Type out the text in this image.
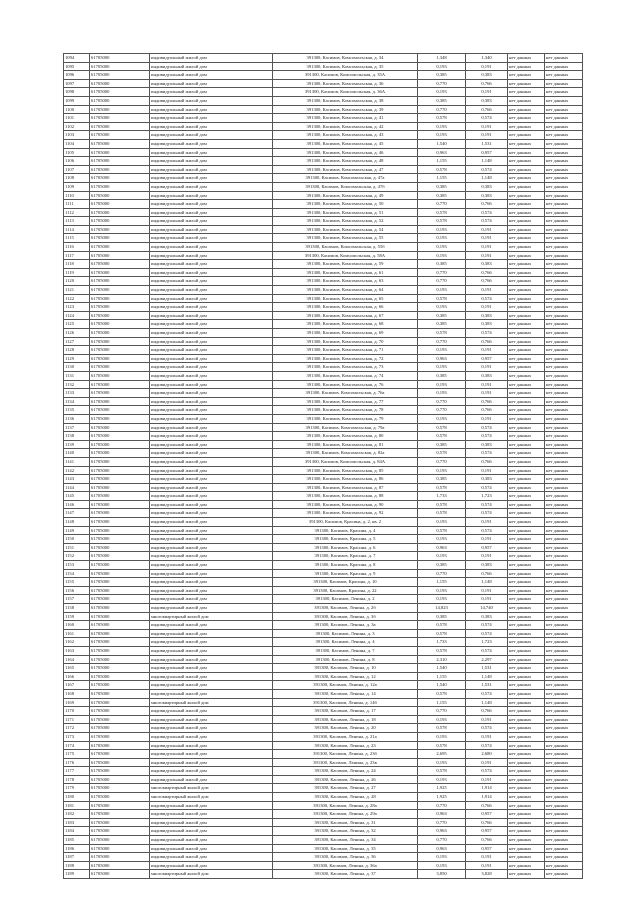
1094	61705000	индивидуальный жилой дом	391300, Касимов, Комсомольская, д. 34	1,348	1,340	нет данных	нет данных
1095	61705000	индивидуальный жилой дом	391300, Касимов, Комсомольская, д. 35	0,193	0,191	нет данных	нет данных
1096	61705000	индивидуальный жилой дом	391300, Касимов, Комсомольская, д. 35А	0,385	0,383	нет данных	нет данных
1097	61705000	индивидуальный жилой дом	391300, Касимов, Комсомольская, д. 36	0,770	0,766	нет данных	нет данных
1098	61705000	индивидуальный жилой дом	391300, Касимов, Комсомольская, д. 36А	0,193	0,191	нет данных	нет данных
1099	61705000	индивидуальный жилой дом	391300, Касимов, Комсомольская, д. 38	0,385	0,383	нет данных	нет данных
1100	61705000	индивидуальный жилой дом	391300, Касимов, Комсомольская, д. 39	0,770	0,766	нет данных	нет данных
1101	61705000	индивидуальный жилой дом	391300, Касимов, Комсомольская, д. 41	0,578	0,574	нет данных	нет данных
1102	61705000	индивидуальный жилой дом	391300, Касимов, Комсомольская, д. 42	0,193	0,191	нет данных	нет данных
1103	61705000	индивидуальный жилой дом	391300, Касимов, Комсомольская, д. 43	0,193	0,191	нет данных	нет данных
1104	61705000	индивидуальный жилой дом	391300, Касимов, Комсомольская, д. 45	1,540	1,531	нет данных	нет данных
1105	61705000	индивидуальный жилой дом	391300, Касимов, Комсомольская, д. 46	0,963	0,957	нет данных	нет данных
1106	61705000	индивидуальный жилой дом	391300, Касимов, Комсомольская, д. 48	1,155	1,148	нет данных	нет данных
1107	61705000	индивидуальный жилой дом	391300, Касимов, Комсомольская, д. 47	0,578	0,574	нет данных	нет данных
1108	61705000	индивидуальный жилой дом	391300, Касимов, Комсомольская, д. 47а	1,155	1,148	нет данных	нет данных
1109	61705000	индивидуальный жилой дом	391300, Касимов, Комсомольская, д. 47б	0,385	0,383	нет данных	нет данных
1110	61705000	индивидуальный жилой дом	391300, Касимов, Комсомольская, д. 49	0,385	0,383	нет данных	нет данных
1111	61705000	индивидуальный жилой дом	391300, Касимов, Комсомольская, д. 50	0,770	0,766	нет данных	нет данных
1112	61705000	индивидуальный жилой дом	391300, Касимов, Комсомольская, д. 51	0,578	0,574	нет данных	нет данных
1113	61705000	индивидуальный жилой дом	391300, Касимов, Комсомольская, д. 52	0,578	0,574	нет данных	нет данных
1114	61705000	индивидуальный жилой дом	391300, Касимов, Комсомольская, д. 54	0,193	0,191	нет данных	нет данных
1115	61705000	индивидуальный жилой дом	391300, Касимов, Комсомольская, д. 55	0,193	0,191	нет данных	нет данных
1116	61705000	индивидуальный жилой дом	391300, Касимов, Комсомольская, д. 55б	0,193	0,191	нет данных	нет данных
1117	61705000	индивидуальный жилой дом	391300, Касимов, Комсомольская, д. 58А	0,193	0,191	нет данных	нет данных
1118	61705000	индивидуальный жилой дом	391300, Касимов, Комсомольская, д. 59	0,385	0,383	нет данных	нет данных
1119	61705000	индивидуальный жилой дом	391300, Касимов, Комсомольская, д. 61	0,770	0,766	нет данных	нет данных
1120	61705000	индивидуальный жилой дом	391300, Касимов, Комсомольская, д. 63	0,770	0,766	нет данных	нет данных
1121	61705000	индивидуальный жилой дом	391300, Касимов, Комсомольская, д. 64	0,193	0,191	нет данных	нет данных
1122	61705000	индивидуальный жилой дом	391300, Касимов, Комсомольская, д. 65	0,578	0,574	нет данных	нет данных
1123	61705000	индивидуальный жилой дом	391300, Касимов, Комсомольская, д. 66	0,193	0,191	нет данных	нет данных
1124	61705000	индивидуальный жилой дом	391300, Касимов, Комсомольская, д. 67	0,385	0,383	нет данных	нет данных
1125	61705000	индивидуальный жилой дом	391300, Касимов, Комсомольская, д. 68	0,385	0,383	нет данных	нет данных
1126	61705000	индивидуальный жилой дом	391300, Касимов, Комсомольская, д. 69	0,578	0,574	нет данных	нет данных
1127	61705000	индивидуальный жилой дом	391300, Касимов, Комсомольская, д. 70	0,770	0,766	нет данных	нет данных
1128	61705000	индивидуальный жилой дом	391300, Касимов, Комсомольская, д. 71	0,193	0,191	нет данных	нет данных
1129	61705000	индивидуальный жилой дом	391300, Касимов, Комсомольская, д. 72	0,963	0,957	нет данных	нет данных
1130	61705000	индивидуальный жилой дом	391300, Касимов, Комсомольская, д. 73	0,193	0,191	нет данных	нет данных
1131	61705000	индивидуальный жилой дом	391300, Касимов, Комсомольская, д. 74	0,385	0,383	нет данных	нет данных
1132	61705000	индивидуальный жилой дом	391300, Касимов, Комсомольская, д. 76	0,193	0,191	нет данных	нет данных
1133	61705000	индивидуальный жилой дом	391300, Касимов, Комсомольская, д. 76а	0,193	0,191	нет данных	нет данных
1134	61705000	индивидуальный жилой дом	391300, Касимов, Комсомольская, д. 77	0,770	0,766	нет данных	нет данных
1135	61705000	индивидуальный жилой дом	391300, Касимов, Комсомольская, д. 78	0,770	0,766	нет данных	нет данных
1136	61705000	индивидуальный жилой дом	391300, Касимов, Комсомольская, д. 79	0,193	0,191	нет данных	нет данных
1137	61705000	индивидуальный жилой дом	391300, Касимов, Комсомольская, д. 79а	0,578	0,574	нет данных	нет данных
1138	61705000	индивидуальный жилой дом	391300, Касимов, Комсомольская, д. 80	0,578	0,574	нет данных	нет данных
1139	61705000	индивидуальный жилой дом	391300, Касимов, Комсомольская, д. 81	0,385	0,383	нет данных	нет данных
1140	61705000	индивидуальный жилой дом	391300, Касимов, Комсомольская, д. 82а	0,578	0,574	нет данных	нет данных
1141	61705000	индивидуальный жилой дом	391300, Касимов, Комсомольская, д. 84А	0,770	0,766	нет данных	нет данных
1142	61705000	индивидуальный жилой дом	391300, Касимов, Комсомольская, д. 85	0,193	0,191	нет данных	нет данных
1143	61705000	индивидуальный жилой дом	391300, Касимов, Комсомольская, д. 86	0,385	0,383	нет данных	нет данных
1144	61705000	индивидуальный жилой дом	391300, Касимов, Комсомольская, д. 87	0,578	0,574	нет данных	нет данных
1145	61705000	индивидуальный жилой дом	391300, Касимов, Комсомольская, д. 88	1,733	1,723	нет данных	нет данных
1146	61705000	индивидуальный жилой дом	391300, Касимов, Комсомольская, д. 90	0,578	0,574	нет данных	нет данных
1147	61705000	индивидуальный жилой дом	391300, Касимов, Комсомольская, д. 92	0,578	0,574	нет данных	нет данных
1148	61705000	индивидуальный жилой дом	391300, Касимов, Красина, д. 2, кв. 2	0,193	0,191	нет данных	нет данных
1149	61705000	индивидуальный жилой дом	391300, Касимов, Красина, д. 4	0,578	0,574	нет данных	нет данных
1150	61705000	индивидуальный жилой дом	391300, Касимов, Красина, д. 5	0,193	0,191	нет данных	нет данных
1151	61705000	индивидуальный жилой дом	391300, Касимов, Красина, д. 6	0,963	0,957	нет данных	нет данных
1152	61705000	индивидуальный жилой дом	391300, Касимов, Красина, д. 7	0,193	0,191	нет данных	нет данных
1153	61705000	индивидуальный жилой дом	391300, Касимов, Красина, д. 8	0,385	0,383	нет данных	нет данных
1154	61705000	индивидуальный жилой дом	391300, Касимов, Красина, д. 9	0,770	0,766	нет данных	нет данных
1155	61705000	индивидуальный жилой дом	391300, Касимов, Красина, д. 10	1,155	1,148	нет данных	нет данных
1156	61705000	индивидуальный жилой дом	391300, Касимов, Красина, д. 22	0,193	0,191	нет данных	нет данных
1157	61705000	индивидуальный жилой дом	391300, Касимов, Ленина, д. 2	0,193	0,191	нет данных	нет данных
1158	61705000	индивидуальный жилой дом	391300, Касимов, Ленина, д. 2б	14,823	14,740	нет данных	нет данных
1159	61705000	многоквартирный жилой дом	391300, Касимов, Ленина, д. 3б	0,385	0,383	нет данных	нет данных
1160	61705000	индивидуальный жилой дом	391300, Касимов, Ленина, д. 3а	0,578	0,574	нет данных	нет данных
1161	61705000	индивидуальный жилой дом	391300, Касимов, Ленина, д. 3	0,578	0,574	нет данных	нет данных
1162	61705000	индивидуальный жилой дом	391300, Касимов, Ленина, д. 4	1,733	1,723	нет данных	нет данных
1163	61705000	индивидуальный жилой дом	391300, Касимов, Ленина, д. 7	0,578	0,574	нет данных	нет данных
1164	61705000	индивидуальный жилой дом	391300, Касимов, Ленина, д. 8	2,310	2,297	нет данных	нет данных
1165	61705000	индивидуальный жилой дом	391300, Касимов, Ленина, д. 10	1,540	1,531	нет данных	нет данных
1166	61705000	индивидуальный жилой дом	391300, Касимов, Ленина, д. 12	1,155	1,148	нет данных	нет данных
1167	61705000	индивидуальный жилой дом	391300, Касимов, Ленина, д. 12а	1,540	1,531	нет данных	нет данных
1168	61705000	индивидуальный жилой дом	391300, Касимов, Ленина, д. 14	0,578	0,574	нет данных	нет данных
1169	61705000	многоквартирный жилой дом	391300, Касимов, Ленина, д. 14б	1,155	1,148	нет данных	нет данных
1170	61705000	индивидуальный жилой дом	391300, Касимов, Ленина, д. 17	0,770	0,766	нет данных	нет данных
1171	61705000	индивидуальный жилой дом	391300, Касимов, Ленина, д. 18	0,193	0,191	нет данных	нет данных
1172	61705000	индивидуальный жилой дом	391300, Касимов, Ленина, д. 20	0,578	0,574	нет данных	нет данных
1173	61705000	индивидуальный жилой дом	391300, Касимов, Ленина, д. 21а	0,193	0,191	нет данных	нет данных
1174	61705000	индивидуальный жилой дом	391300, Касимов, Ленина, д. 23	0,578	0,574	нет данных	нет данных
1175	61705000	индивидуальный жилой дом	391300, Касимов, Ленина, д. 23б	2,695	2,680	нет данных	нет данных
1176	61705000	индивидуальный жилой дом	391300, Касимов, Ленина, д. 23в	0,193	0,191	нет данных	нет данных
1177	61705000	индивидуальный жилой дом	391300, Касимов, Ленина, д. 24	0,578	0,574	нет данных	нет данных
1178	61705000	индивидуальный жилой дом	391300, Касимов, Ленина, д. 26	0,193	0,191	нет данных	нет данных
1179	61705000	многоквартирный жилой дом	391300, Касимов, Ленина, д. 27	1,925	1,914	нет данных	нет данных
1180	61705000	многоквартирный жилой дом	391300, Касимов, Ленина, д. 28	1,925	1,914	нет данных	нет данных
1181	61705000	индивидуальный жилой дом	391300, Касимов, Ленина, д. 28а	0,770	0,766	нет данных	нет данных
1182	61705000	индивидуальный жилой дом	391300, Касимов, Ленина, д. 29а	0,963	0,957	нет данных	нет данных
1183	61705000	индивидуальный жилой дом	391300, Касимов, Ленина, д. 31	0,770	0,766	нет данных	нет данных
1184	61705000	индивидуальный жилой дом	391300, Касимов, Ленина, д. 32	0,963	0,957	нет данных	нет данных
1185	61705000	индивидуальный жилой дом	391300, Касимов, Ленина, д. 34	0,770	0,766	нет данных	нет данных
1186	61705000	индивидуальный жилой дом	391300, Касимов, Ленина, д. 35	0,963	0,957	нет данных	нет данных
1187	61705000	индивидуальный жилой дом	391300, Касимов, Ленина, д. 36	0,193	0,191	нет данных	нет данных
1188	61705000	индивидуальный жилой дом	391300, Касимов, Ленина, д. 36а	0,193	0,191	нет данных	нет данных
1189	61705000	многоквартирный жилой дом	391300, Касимов, Ленина, д. 37	3,850	3,828	нет данных	нет данных
